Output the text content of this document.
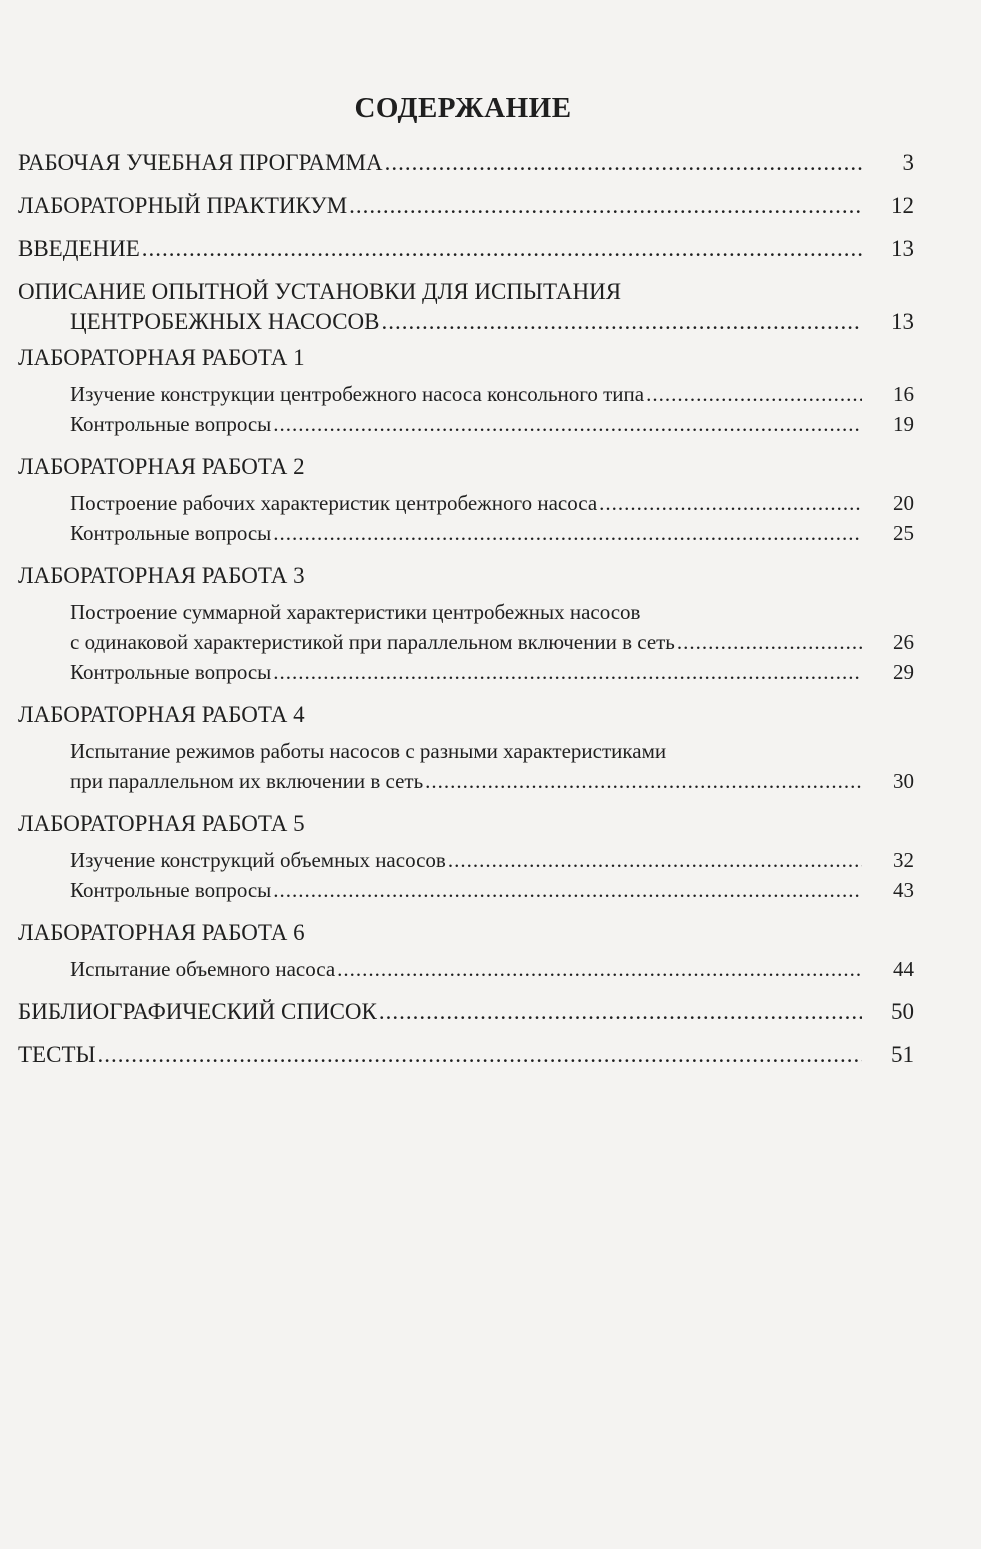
СОДЕРЖАНИЕ
РАБОЧАЯ УЧЕБНАЯ ПРОГРАММА .....	3
ЛАБОРАТОРНЫЙ ПРАКТИКУМ .....	12
ВВЕДЕНИЕ .....	13
ОПИСАНИЕ ОПЫТНОЙ УСТАНОВКИ ДЛЯ ИСПЫТАНИЯ
ЦЕНТРОБЕЖНЫХ НАСОСОВ .....	13
ЛАБОРАТОРНАЯ РАБОТА 1
Изучение конструкции центробежного насоса консольного типа .....	16
Контрольные вопросы .....	19
ЛАБОРАТОРНАЯ РАБОТА 2
Построение рабочих характеристик центробежного насоса .....	20
Контрольные вопросы .....	25
ЛАБОРАТОРНАЯ РАБОТА 3
Построение суммарной характеристики центробежных насосов
с одинаковой характеристикой при параллельном включении в сеть .....	26
Контрольные вопросы .....	29
ЛАБОРАТОРНАЯ РАБОТА 4
Испытание режимов работы насосов с разными характеристиками
при параллельном их включении в сеть .....	30
ЛАБОРАТОРНАЯ РАБОТА 5
Изучение конструкций объемных насосов .....	32
Контрольные вопросы .....	43
ЛАБОРАТОРНАЯ РАБОТА 6
Испытание объемного насоса .....	44
БИБЛИОГРАФИЧЕСКИЙ СПИСОК .....	50
ТЕСТЫ .....	51
